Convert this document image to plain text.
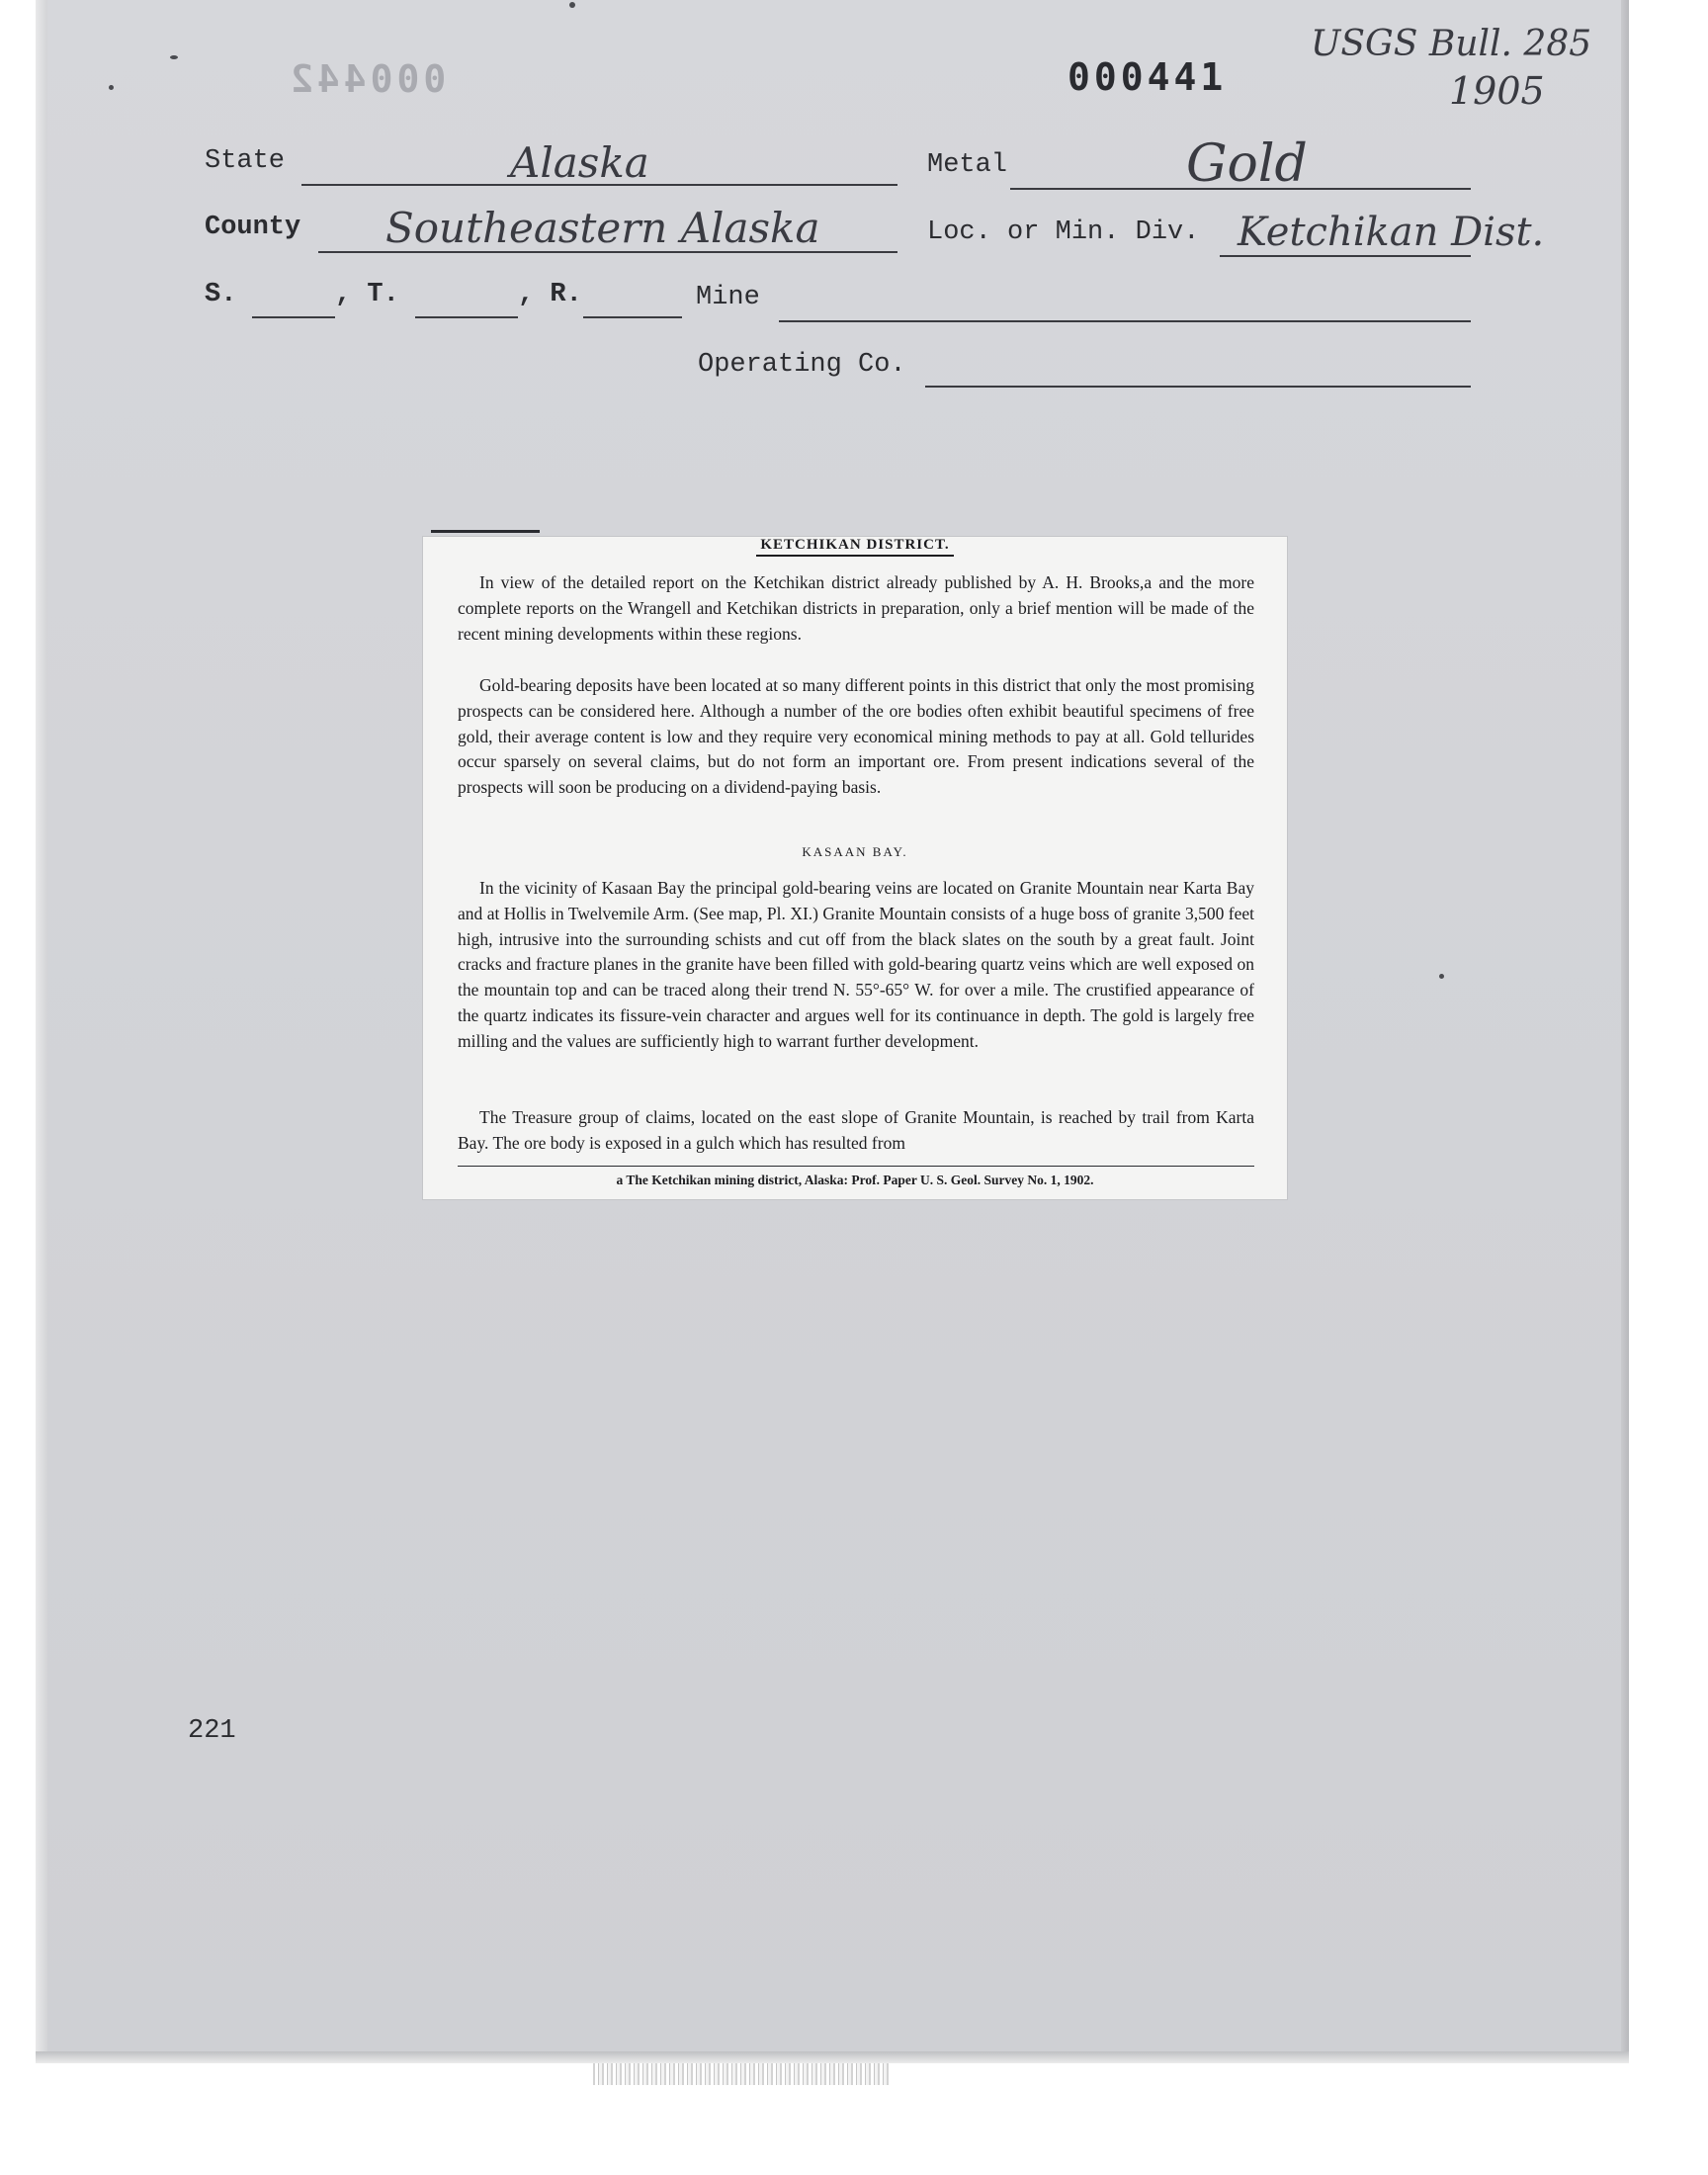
000442	000441
USGS Bull. 285
1905
State	Alaska	Metal	Gold
County Southeastern Alaska	Loc. or Min. Div. Ketchikan Dist.
S.	, T.	, R.	Mine
Operating Co.
KETCHIKAN DISTRICT.
In view of the detailed report on the Ketchikan district already published by A. H. Brooks,a and the more complete reports on the Wrangell and Ketchikan districts in preparation, only a brief mention will be made of the recent mining developments within these regions.
Gold-bearing deposits have been located at so many different points in this district that only the most promising prospects can be considered here. Although a number of the ore bodies often exhibit beautiful specimens of free gold, their average content is low and they require very economical mining methods to pay at all. Gold tellurides occur sparsely on several claims, but do not form an important ore. From present indications several of the prospects will soon be producing on a dividend-paying basis.
KASAAN BAY.
In the vicinity of Kasaan Bay the principal gold-bearing veins are located on Granite Mountain near Karta Bay and at Hollis in Twelvemile Arm. (See map, Pl. XI.) Granite Mountain consists of a huge boss of granite 3,500 feet high, intrusive into the surrounding schists and cut off from the black slates on the south by a great fault. Joint cracks and fracture planes in the granite have been filled with gold-bearing quartz veins which are well exposed on the mountain top and can be traced along their trend N. 55°-65° W. for over a mile. The crustified appearance of the quartz indicates its fissure-vein character and argues well for its continuance in depth. The gold is largely free milling and the values are sufficiently high to warrant further development.
The Treasure group of claims, located on the east slope of Granite Mountain, is reached by trail from Karta Bay. The ore body is exposed in a gulch which has resulted from
a The Ketchikan mining district, Alaska: Prof. Paper U. S. Geol. Survey No. 1, 1902.
221
